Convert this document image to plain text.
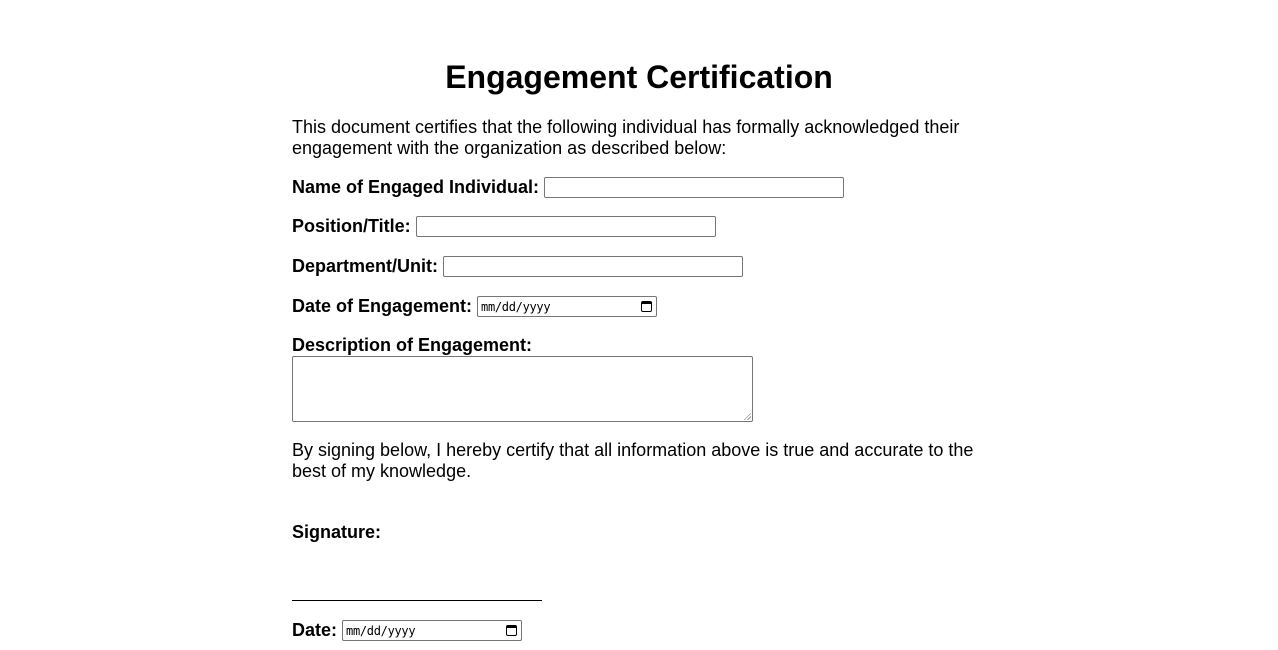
Engagement Certification

This document certifies that the following individual has formally acknowledged their engagement with the organization as described below:

Name of Engaged Individual:
Position/Title:
Department/Unit:
Date of Engagement: mm/dd/yyyy
Description of Engagement:

By signing below, I hereby certify that all information above is true and accurate to the best of my knowledge.

Signature:
Date: mm/dd/yyyy
